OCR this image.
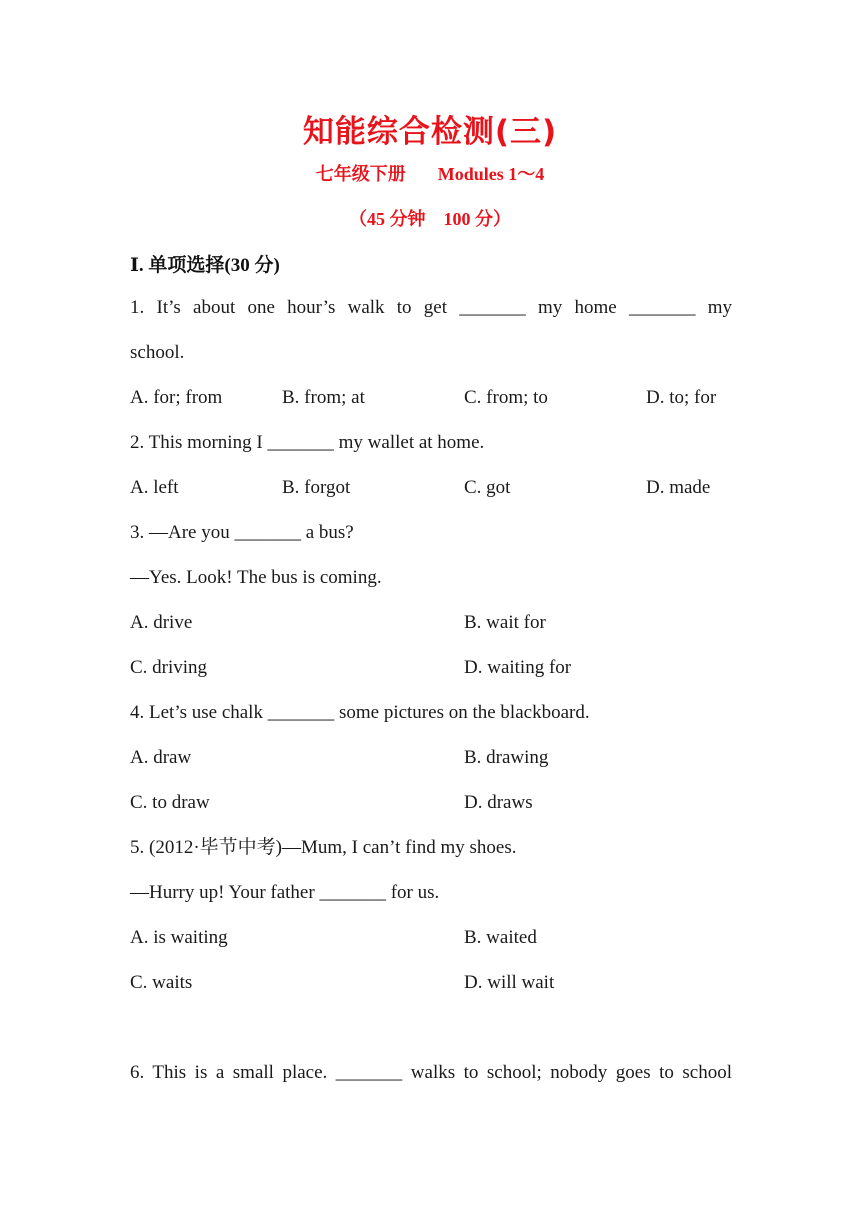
知能综合检测(三)
七年级下册 Modules 1～4
（45 分钟 100 分）
Ⅰ. 单项选择(30 分)
1. It’s about one hour’s walk to get _______ my home _______ my
school.
A. for; from	B. from; at	C. from; to	D. to; for
2. This morning I _______ my wallet at home.
A. left	B. forgot	C. got	D. made
3. —Are you _______ a bus?
—Yes. Look! The bus is coming.
A. drive	B. wait for
C. driving	D. waiting for
4. Let’s use chalk _______ some pictures on the blackboard.
A. draw	B. drawing
C. to draw	D. draws
5. (2012·毕节中考)—Mum, I can’t find my shoes.
—Hurry up! Your father _______ for us.
A. is waiting	B. waited
C. waits	D. will wait
6. This is a small place. _______ walks to school; nobody goes to school
